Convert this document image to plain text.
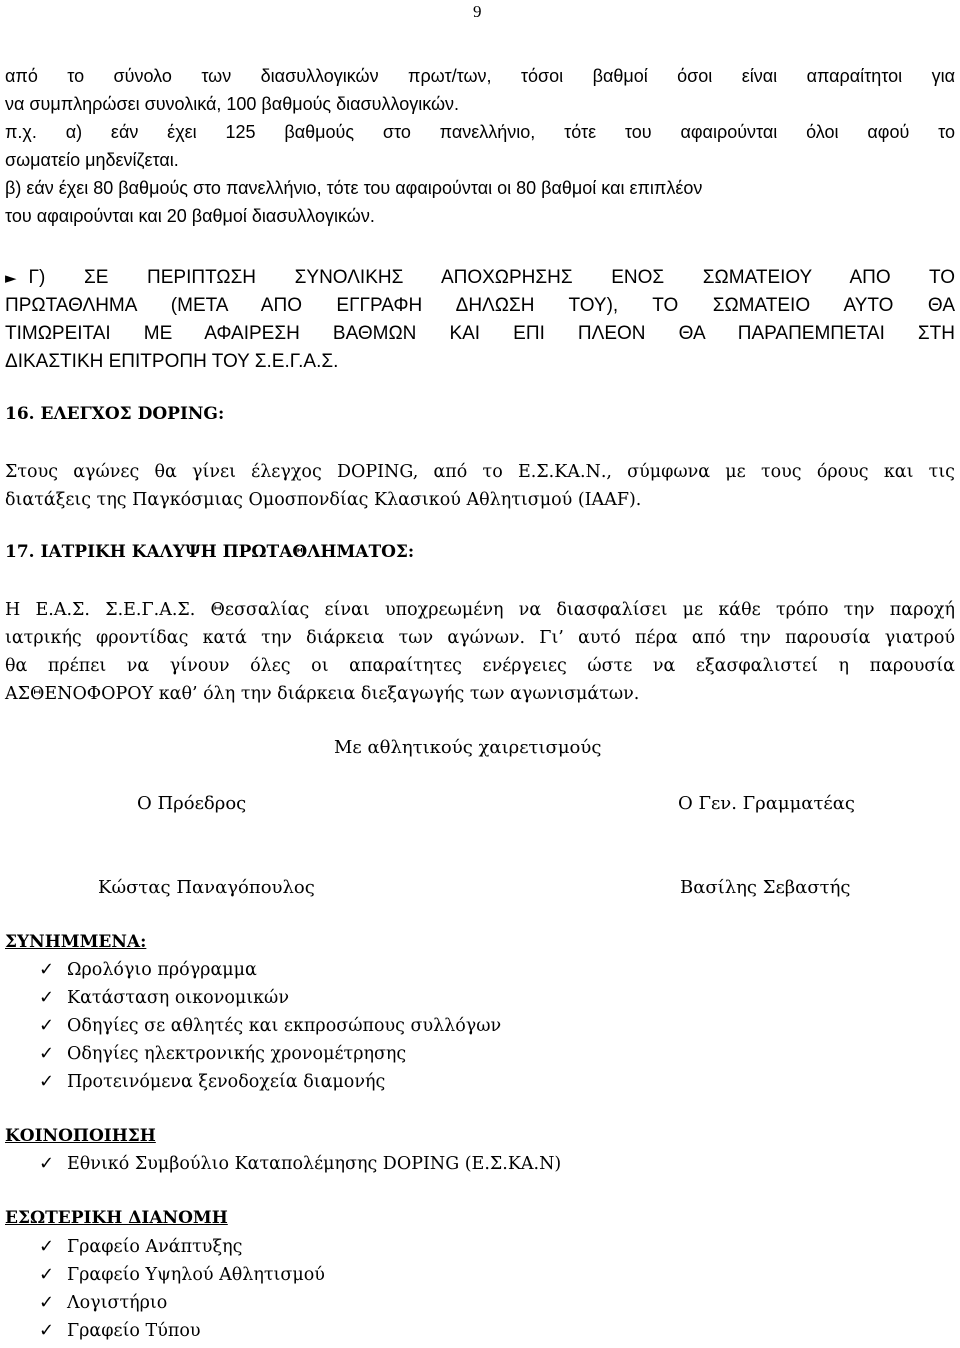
9
από το σύνολο των διασυλλογικών πρωτ/των, τόσοι βαθμοί όσοι είναι απαραίτητοι για
να συμπληρώσει συνολικά, 100 βαθμούς διασυλλογικών.
π.χ. α) εάν έχει 125 βαθμούς στο πανελλήνιο, τότε του αφαιρούνται όλοι αφού το
σωματείο μηδενίζεται.
β) εάν έχει 80 βαθμούς στο πανελλήνιο, τότε του αφαιρούνται οι 80 βαθμοί και επιπλέον
του αφαιρούνται και 20 βαθμοί διασυλλογικών.
► Γ) ΣΕ ΠΕΡΙΠΤΩΣΗ ΣΥΝΟΛΙΚΗΣ ΑΠΟΧΩΡΗΣΗΣ ΕΝΟΣ ΣΩΜΑΤΕΙΟΥ ΑΠΟ ΤΟ
ΠΡΩΤΑΘΛΗΜΑ (ΜΕΤΑ ΑΠΟ ΕΓΓΡΑΦΗ ΔΗΛΩΣΗ ΤΟΥ), ΤΟ ΣΩΜΑΤΕΙΟ ΑΥΤΟ ΘΑ
ΤΙΜΩΡΕΙΤΑΙ ΜΕ ΑΦΑΙΡΕΣΗ ΒΑΘΜΩΝ ΚΑΙ ΕΠΙ ΠΛΕΟΝ ΘΑ ΠΑΡΑΠΕΜΠΕΤΑΙ ΣΤΗ
ΔΙΚΑΣΤΙΚΗ ΕΠΙΤΡΟΠΗ ΤΟΥ Σ.Ε.Γ.Α.Σ.
16. ΕΛΕΓΧΟΣ DOPING:
Στους αγώνες θα γίνει έλεγχος DOPING, από το Ε.Σ.ΚΑ.Ν., σύμφωνα με τους όρους και τις
διατάξεις της Παγκόσμιας Ομοσπονδίας Κλασικού Αθλητισμού (IAAF).
17. ΙΑΤΡΙΚΗ ΚΑΛΥΨΗ ΠΡΩΤΑΘΛΗΜΑΤΟΣ:
Η Ε.Α.Σ. Σ.Ε.Γ.Α.Σ. Θεσσαλίας είναι υποχρεωμένη να διασφαλίσει με κάθε τρόπο την παροχή
ιατρικής φροντίδας κατά την διάρκεια των αγώνων. Γι’ αυτό πέρα από την παρουσία γιατρού
θα πρέπει να γίνουν όλες οι απαραίτητες ενέργειες ώστε να εξασφαλιστεί η παρουσία
ΑΣΘΕΝΟΦΟΡΟΥ καθ’ όλη την διάρκεια διεξαγωγής των αγωνισμάτων.
Με αθλητικούς χαιρετισμούς
Ο Πρόεδρος	Ο Γεν. Γραμματέας
Κώστας Παναγόπουλος	Βασίλης Σεβαστής
ΣΥΝΗΜΜΕΝΑ:
✓ Ωρολόγιο πρόγραμμα
✓ Κατάσταση οικονομικών
✓ Οδηγίες σε αθλητές και εκπροσώπους συλλόγων
✓ Οδηγίες ηλεκτρονικής χρονομέτρησης
✓ Προτεινόμενα ξενοδοχεία διαμονής
ΚΟΙΝΟΠΟΙΗΣΗ
✓ Εθνικό Συμβούλιο Καταπολέμησης DOPING (Ε.Σ.ΚΑ.Ν)
ΕΣΩΤΕΡΙΚΗ ΔΙΑΝΟΜΗ
✓ Γραφείο Ανάπτυξης
✓ Γραφείο Υψηλού Αθλητισμού
✓ Λογιστήριο
✓ Γραφείο Τύπου
